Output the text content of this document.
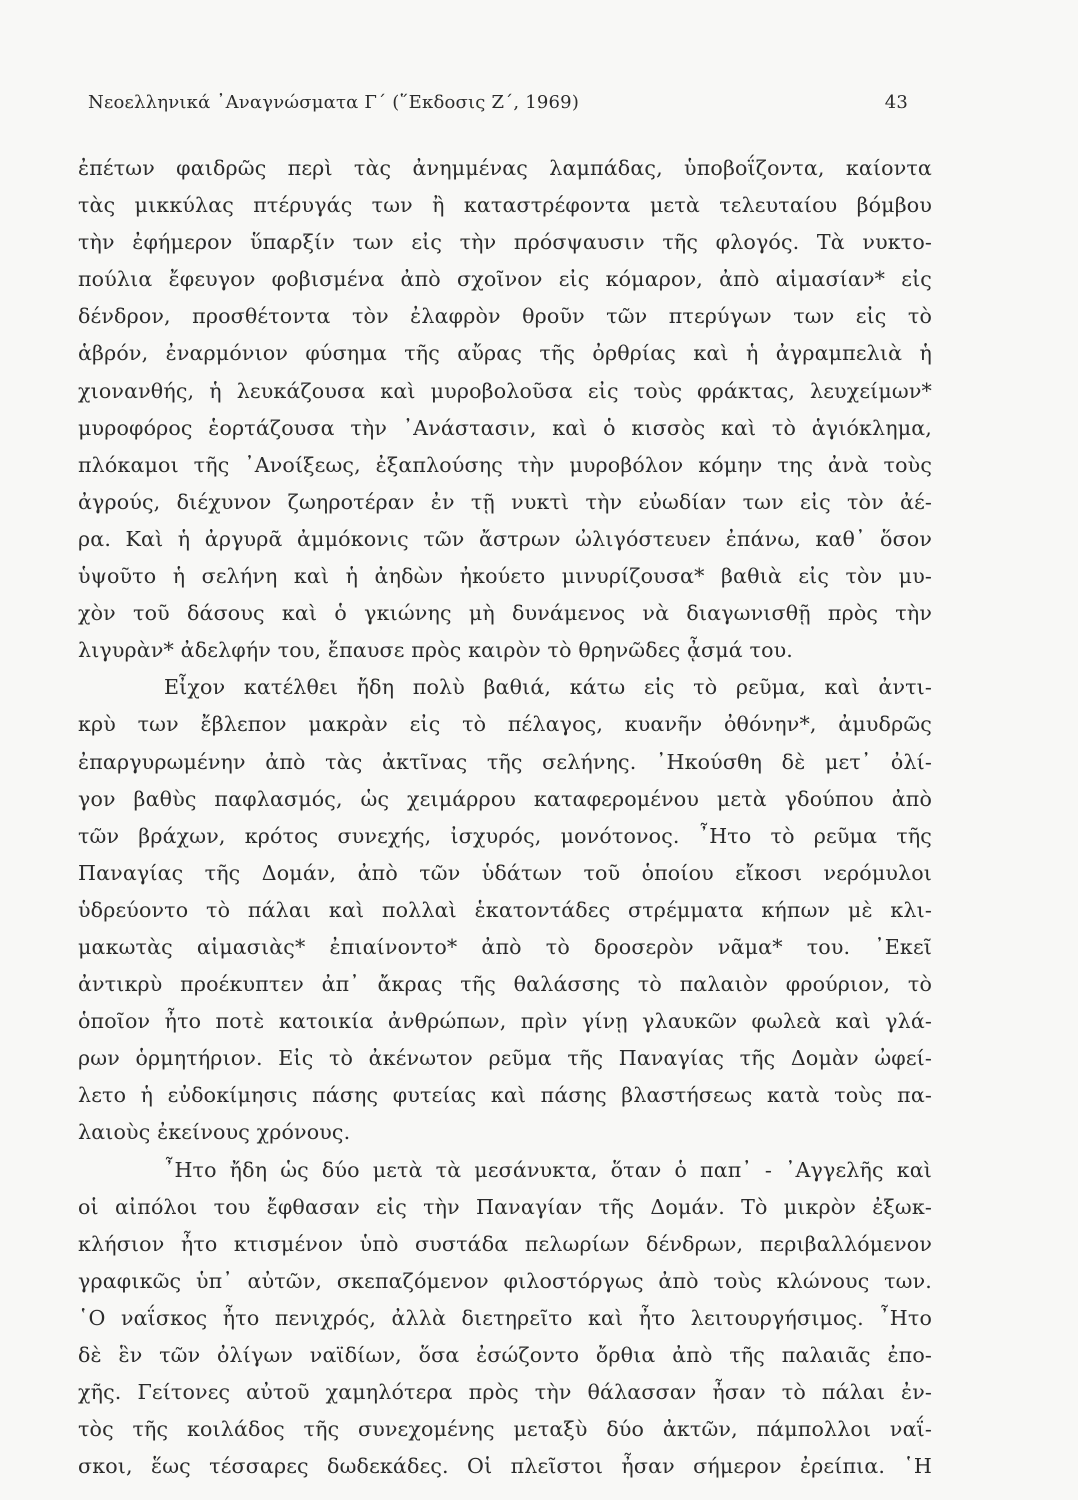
Νεοελληνικά ᾿Αναγνώσματα Γ΄ (῞Εκδοσις Ζ΄, 1969)	43
ἐπέτων φαιδρῶς περὶ τὰς ἀνημμένας λαμπάδας, ὑποβοΐζοντα, καίοντα
τὰς μικκύλας πτέρυγάς των ἢ καταστρέφοντα μετὰ τελευταίου βόμβου
τὴν ἐφήμερον ὕπαρξίν των εἰς τὴν πρόσψαυσιν τῆς φλογός. Τὰ νυκτο-
πούλια ἔφευγον φοβισμένα ἀπὸ σχοῖνον εἰς κόμαρον, ἀπὸ αἱμασίαν* εἰς
δένδρον, προσθέτοντα τὸν ἐλαφρὸν θροῦν τῶν πτερύγων των εἰς τὸ
ἁβρόν, ἐναρμόνιον φύσημα τῆς αὔρας τῆς ὀρθρίας καὶ ἡ ἀγραμπελιὰ ἡ
χιονανθής, ἡ λευκάζουσα καὶ μυροβολοῦσα εἰς τοὺς φράκτας, λευχείμων*
μυροφόρος ἑορτάζουσα τὴν ᾿Ανάστασιν, καὶ ὁ κισσὸς καὶ τὸ ἁγιόκλημα,
πλόκαμοι τῆς ᾿Ανοίξεως, ἐξαπλούσης τὴν μυροβόλον κόμην της ἀνὰ τοὺς
ἀγρούς, διέχυνον ζωηροτέραν ἐν τῇ νυκτὶ τὴν εὐωδίαν των εἰς τὸν ἀέ-
ρα. Καὶ ἡ ἀργυρᾶ ἀμμόκονις τῶν ἄστρων ὠλιγόστευεν ἐπάνω, καθ᾿ ὅσον
ὑψοῦτο ἡ σελήνη καὶ ἡ ἀηδὼν ἠκούετο μινυρίζουσα* βαθιὰ εἰς τὸν μυ-
χὸν τοῦ δάσους καὶ ὁ γκιώνης μὴ δυνάμενος νὰ διαγωνισθῇ πρὸς τὴν
λιγυρὰν* ἀδελφήν του, ἔπαυσε πρὸς καιρὸν τὸ θρηνῶδες ᾆσμά του.
Εἶχον κατέλθει ἤδη πολὺ βαθιά, κάτω εἰς τὸ ρεῦμα, καὶ ἀντι-
κρὺ των ἔβλεπον μακρὰν εἰς τὸ πέλαγος, κυανῆν ὀθόνην*, ἀμυδρῶς
ἐπαργυρωμένην ἀπὸ τὰς ἀκτῖνας τῆς σελήνης. ᾿Ηκούσθη δὲ μετ᾿ ὀλί-
γον βαθὺς παφλασμός, ὡς χειμάρρου καταφερομένου μετὰ γδούπου ἀπὸ
τῶν βράχων, κρότος συνεχής, ἰσχυρός, μονότονος. ῏Ητο τὸ ρεῦμα τῆς
Παναγίας τῆς Δομάν, ἀπὸ τῶν ὑδάτων τοῦ ὁποίου εἴκοσι νερόμυλοι
ὑδρεύοντο τὸ πάλαι καὶ πολλαὶ ἑκατοντάδες στρέμματα κήπων μὲ κλι-
μακωτὰς αἱμασιὰς* ἐπιαίνοντο* ἀπὸ τὸ δροσερὸν νᾶμα* του. ᾿Εκεῖ
ἀντικρὺ προέκυπτεν ἀπ᾿ ἄκρας τῆς θαλάσσης τὸ παλαιὸν φρούριον, τὸ
ὁποῖον ἦτο ποτὲ κατοικία ἀνθρώπων, πρὶν γίνῃ γλαυκῶν φωλεὰ καὶ γλά-
ρων ὁρμητήριον. Εἰς τὸ ἀκένωτον ρεῦμα τῆς Παναγίας τῆς Δομὰν ὠφεί-
λετο ἡ εὐδοκίμησις πάσης φυτείας καὶ πάσης βλαστήσεως κατὰ τοὺς πα-
λαιοὺς ἐκείνους χρόνους.
῏Ητο ἤδη ὡς δύο μετὰ τὰ μεσάνυκτα, ὅταν ὁ παπ᾿ - ᾿Αγγελῆς καὶ
οἱ αἰπόλοι του ἔφθασαν εἰς τὴν Παναγίαν τῆς Δομάν. Τὸ μικρὸν ἐξωκ-
κλήσιον ἦτο κτισμένον ὑπὸ συστάδα πελωρίων δένδρων, περιβαλλόμενον
γραφικῶς ὑπ᾿ αὐτῶν, σκεπαζόμενον φιλοστόργως ἀπὸ τοὺς κλώνους των.
῾Ο ναΐσκος ἦτο πενιχρός, ἀλλὰ διετηρεῖτο καὶ ἦτο λειτουργήσιμος. ῏Ητο
δὲ ἓν τῶν ὀλίγων ναϊδίων, ὅσα ἐσώζοντο ὄρθια ἀπὸ τῆς παλαιᾶς ἐπο-
χῆς. Γείτονες αὐτοῦ χαμηλότερα πρὸς τὴν θάλασσαν ἦσαν τὸ πάλαι ἐν-
τὸς τῆς κοιλάδος τῆς συνεχομένης μεταξὺ δύο ἀκτῶν, πάμπολλοι ναΐ-
σκοι, ἕως τέσσαρες δωδεκάδες. Οἱ πλεῖστοι ἦσαν σήμερον ἐρείπια. ῾Η
